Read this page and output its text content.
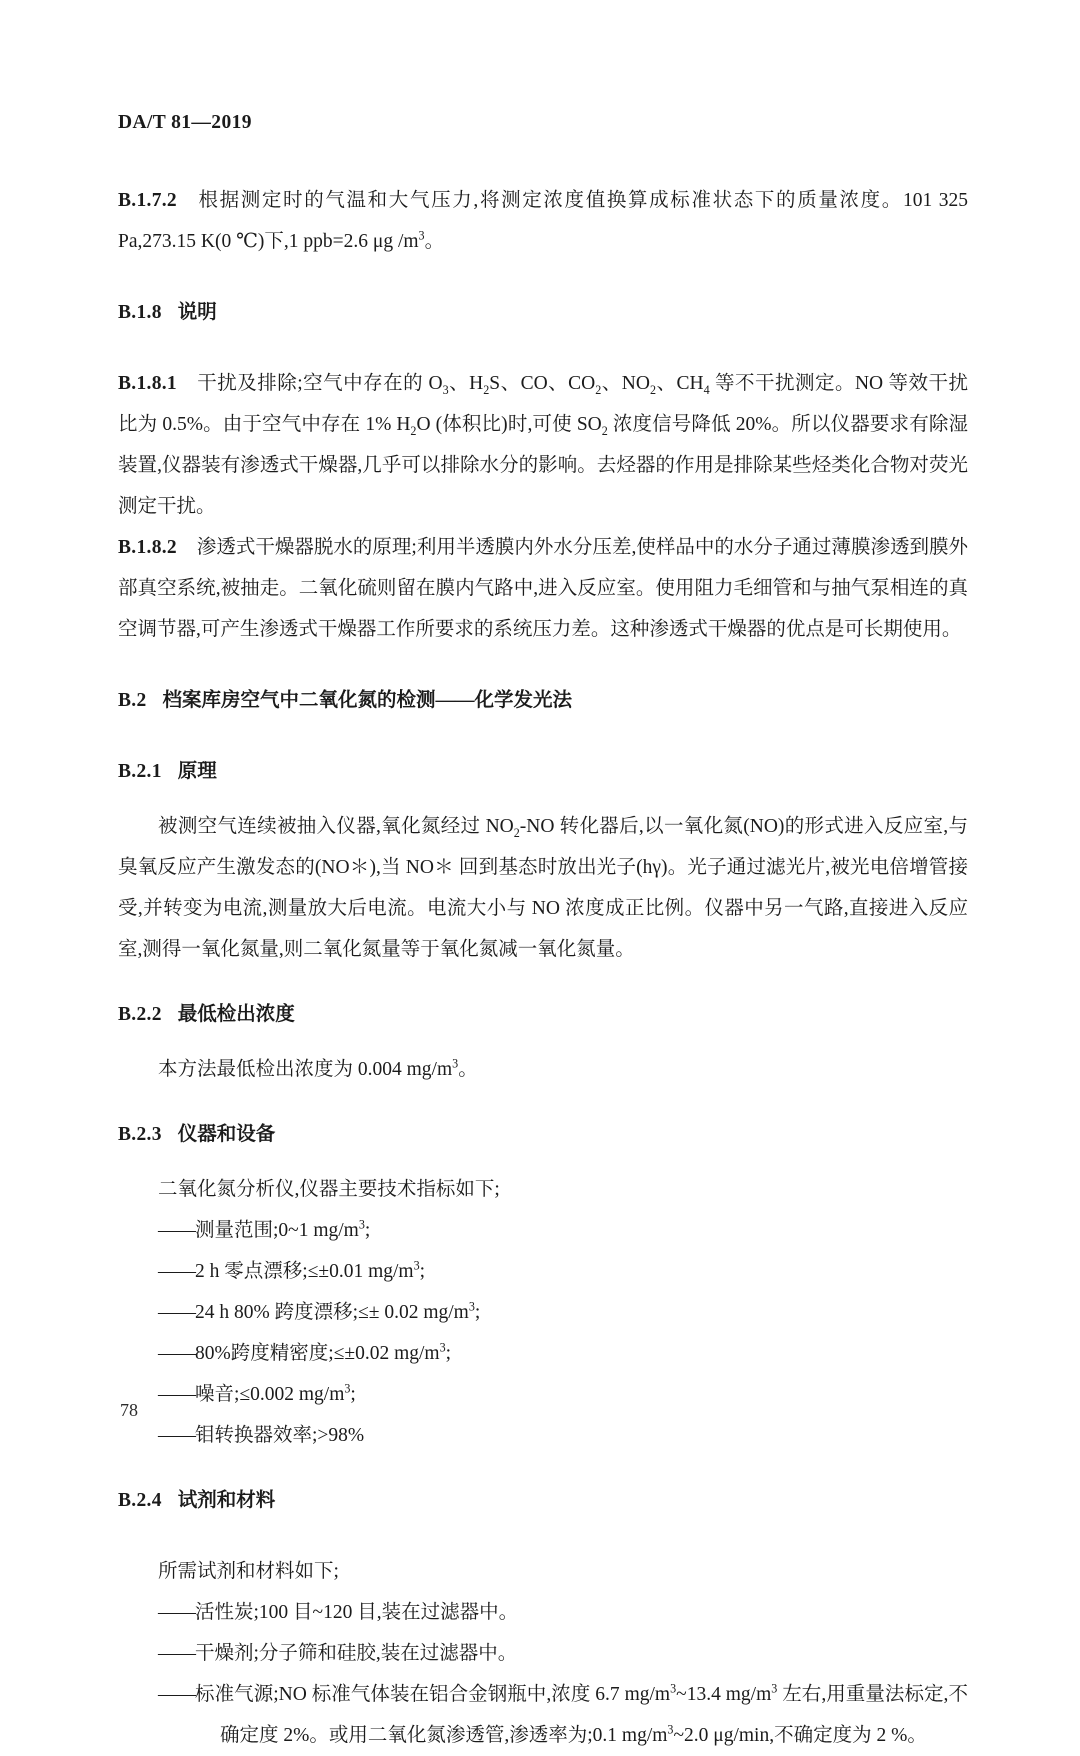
DA/T 81—2019

B.1.7.2 根据测定时的气温和大气压力,将测定浓度值换算成标准状态下的质量浓度。101 325 Pa,273.15 K(0 ℃)下,1 ppb=2.6 μg $/m^3$。

B.1.8 说明

B.1.8.1 干扰及排除;空气中存在的 $O_3$、$H_2S$、CO、$CO_2$、$NO_2$、$CH_4$ 等不干扰测定。NO 等效干扰比为 0.5%。由于空气中存在 1% $H_2O$ (体积比)时,可使 $SO_2$ 浓度信号降低 20%。所以仪器要求有除湿装置,仪器装有渗透式干燥器,几乎可以排除水分的影响。去烃器的作用是排除某些烃类化合物对荧光测定干扰。

B.1.8.2 渗透式干燥器脱水的原理;利用半透膜内外水分压差,使样品中的水分子通过薄膜渗透到膜外部真空系统,被抽走。二氧化硫则留在膜内气路中,进入反应室。使用阻力毛细管和与抽气泵相连的真空调节器,可产生渗透式干燥器工作所要求的系统压力差。这种渗透式干燥器的优点是可长期使用。

B.2 档案库房空气中二氧化氮的检测——化学发光法

B.2.1 原理

被测空气连续被抽入仪器,氧化氮经过 $NO_2-NO$ 转化器后,以一氧化氮(NO)的形式进入反应室,与臭氧反应产生激发态的(NO＊),当 NO＊ 回到基态时放出光子(hγ)。光子通过滤光片,被光电倍增管接受,并转变为电流,测量放大后电流。电流大小与 NO 浓度成正比例。仪器中另一气路,直接进入反应室,测得一氧化氮量,则二氧化氮量等于氧化氮减一氧化氮量。

B.2.2 最低检出浓度

本方法最低检出浓度为 0.004 $mg/m^3$。

B.2.3 仪器和设备

二氧化氮分析仪,仪器主要技术指标如下;

——测量范围;0~1 $mg/m^3$;
——2 h 零点漂移;≤±0.01 $mg/m^3$;
——24 h 80% 跨度漂移;≤± 0.02 $mg/m^3$;
——80%跨度精密度;≤±0.02 $mg/m^3$;
——噪音;≤0.002 $mg/m^3$;
——钼转换器效率;>98%

B.2.4 试剂和材料

所需试剂和材料如下;

——活性炭;100 目~120 目,装在过滤器中。
——干燥剂;分子筛和硅胶,装在过滤器中。
——标准气源;NO 标准气体装在铝合金钢瓶中,浓度 6.7 $mg/m^3\sim 13.4$ $mg/m^3$ 左右,用重量法标定,不确定度 2%。或用二氧化氮渗透管,渗透率为;0.1 $mg/m^3\sim 2.0$ μg/min,不确定度为 2 %。
78
